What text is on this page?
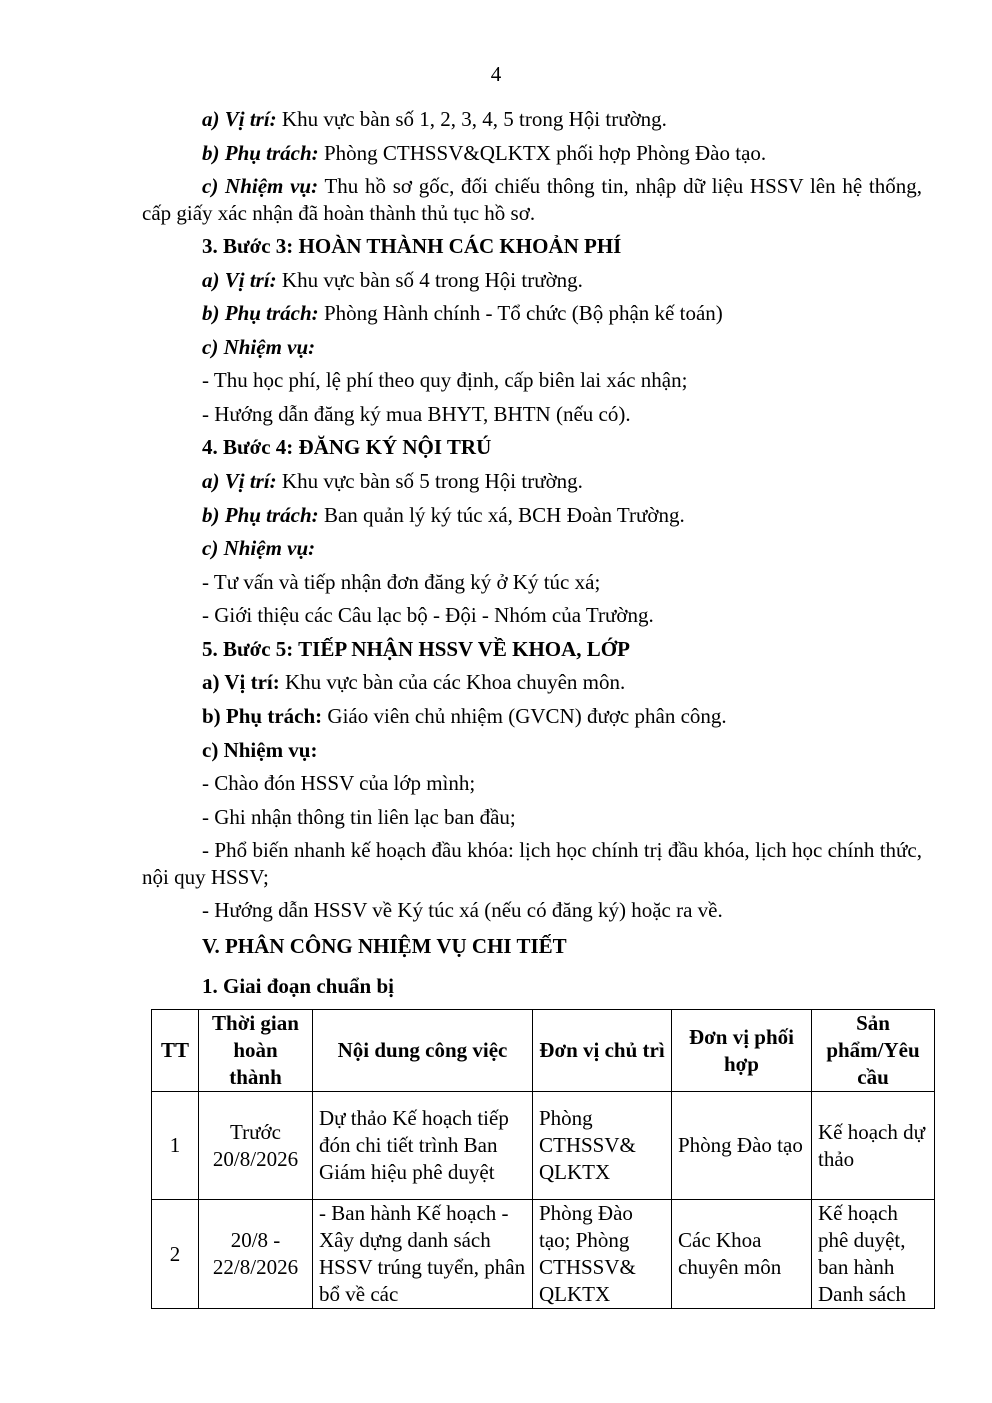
4
a) Vị trí: Khu vực bàn số 1, 2, 3, 4, 5 trong Hội trường.
b) Phụ trách: Phòng CTHSSV&QLKTX phối hợp Phòng Đào tạo.
c) Nhiệm vụ: Thu hồ sơ gốc, đối chiếu thông tin, nhập dữ liệu HSSV lên hệ thống, cấp giấy xác nhận đã hoàn thành thủ tục hồ sơ.
3. Bước 3: HOÀN THÀNH CÁC KHOẢN PHÍ
a) Vị trí: Khu vực bàn số 4 trong Hội trường.
b) Phụ trách: Phòng Hành chính - Tổ chức (Bộ phận kế toán)
c) Nhiệm vụ:
- Thu học phí, lệ phí theo quy định, cấp biên lai xác nhận;
- Hướng dẫn đăng ký mua BHYT, BHTN (nếu có).
4. Bước 4: ĐĂNG KÝ NỘI TRÚ
a) Vị trí: Khu vực bàn số 5 trong Hội trường.
b) Phụ trách: Ban quản lý ký túc xá, BCH Đoàn Trường.
c) Nhiệm vụ:
- Tư vấn và tiếp nhận đơn đăng ký ở Ký túc xá;
- Giới thiệu các Câu lạc bộ - Đội - Nhóm của Trường.
5. Bước 5: TIẾP NHẬN HSSV VỀ KHOA, LỚP
a) Vị trí: Khu vực bàn của các Khoa chuyên môn.
b) Phụ trách: Giáo viên chủ nhiệm (GVCN) được phân công.
c) Nhiệm vụ:
- Chào đón HSSV của lớp mình;
- Ghi nhận thông tin liên lạc ban đầu;
- Phổ biến nhanh kế hoạch đầu khóa: lịch học chính trị đầu khóa, lịch học chính thức, nội quy HSSV;
- Hướng dẫn HSSV về Ký túc xá (nếu có đăng ký) hoặc ra về.
V. PHÂN CÔNG NHIỆM VỤ CHI TIẾT
1. Giai đoạn chuẩn bị
TT	Thời gian hoàn thành	Nội dung công việc	Đơn vị chủ trì	Đơn vị phối hợp	Sản phẩm/Yêu cầu
1	Trước 20/8/2026	Dự thảo Kế hoạch tiếp đón chi tiết trình Ban Giám hiệu phê duyệt	Phòng CTHSSV& QLKTX	Phòng Đào tạo	Kế hoạch dự thảo
2	20/8 - 22/8/2026	- Ban hành Kế hoạch - Xây dựng danh sách HSSV trúng tuyển, phân bổ về các	Phòng Đào tạo; Phòng CTHSSV& QLKTX	Các Khoa chuyên môn	Kế hoạch phê duyệt, ban hành Danh sách
